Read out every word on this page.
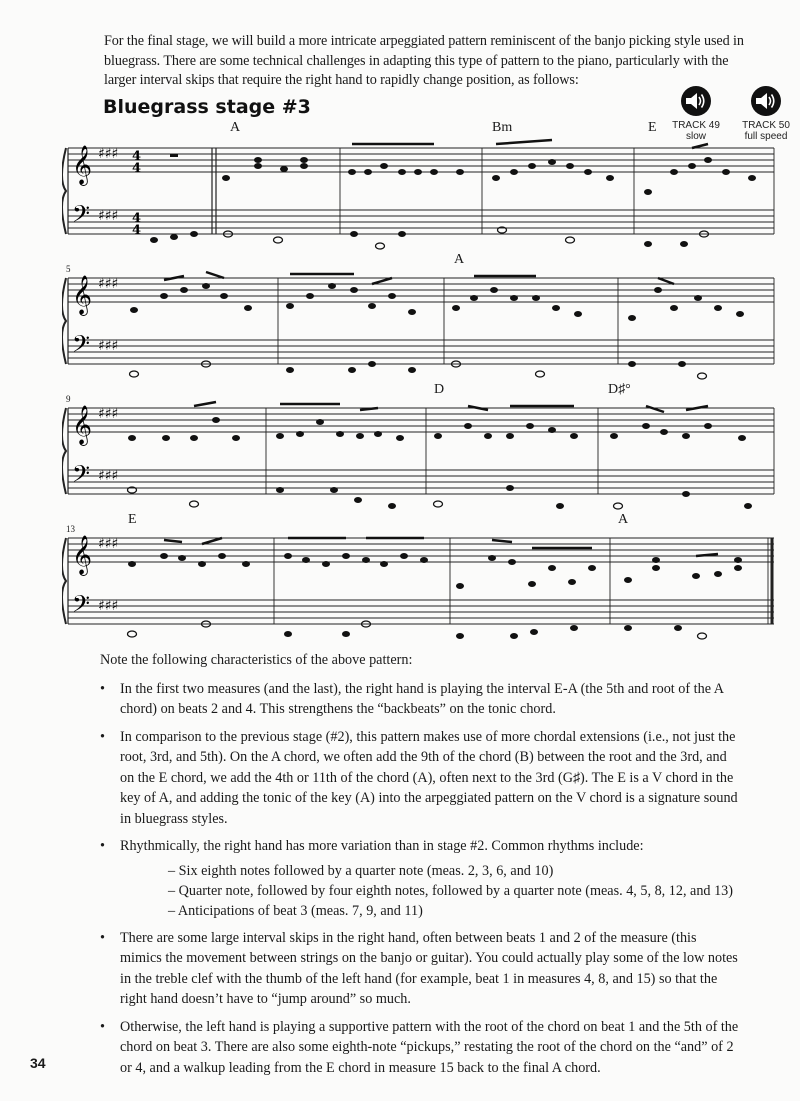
For the final stage, we will build a more intricate arpeggiated pattern reminiscent of the banjo picking style used in bluegrass. There are some technical challenges in adapting this type of pattern to the piano, particularly with the larger interval skips that require the right hand to rapidly change position, as follows:

Bluegrass stage #3
TRACK 49
slow
TRACK 50
full speed
A	Bm	E
𝄞
𝄢
♯♯♯
♯♯♯
4
4
4
4
5
A
𝄞
𝄢
♯♯♯
♯♯♯
9
D	D♯°
𝄞
𝄢
♯♯♯
♯♯♯
13
E	A
𝄞
𝄢
♯♯♯
♯♯♯

Note the following characteristics of the above pattern:

• In the first two measures (and the last), the right hand is playing the interval E-A (the 5th and root of the A chord) on beats 2 and 4. This strengthens the “backbeats” on the tonic chord.
• In comparison to the previous stage (#2), this pattern makes use of more chordal extensions (i.e., not just the root, 3rd, and 5th). On the A chord, we often add the 9th of the chord (B) between the root and the 3rd, and on the E chord, we add the 4th or 11th of the chord (A), often next to the 3rd (G♯). The E is a V chord in the key of A, and adding the tonic of the key (A) into the arpeggiated pattern on the V chord is a signature sound in bluegrass styles.
• Rhythmically, the right hand has more variation than in stage #2. Common rhythms include:
– Six eighth notes followed by a quarter note (meas. 2, 3, 6, and 10)
– Quarter note, followed by four eighth notes, followed by a quarter note (meas. 4, 5, 8, 12, and 13)
– Anticipations of beat 3 (meas. 7, 9, and 11)
• There are some large interval skips in the right hand, often between beats 1 and 2 of the measure (this mimics the movement between strings on the banjo or guitar). You could actually play some of the low notes in the treble clef with the thumb of the left hand (for example, beat 1 in measures 4, 8, and 15) so that the right hand doesn’t have to “jump around” so much.
• Otherwise, the left hand is playing a supportive pattern with the root of the chord on beat 1 and the 5th of the chord on beat 3. There are also some eighth-note “pickups,” restating the root of the chord on the “and” of 2 or 4, and a walkup leading from the E chord in measure 15 back to the final A chord.
34
